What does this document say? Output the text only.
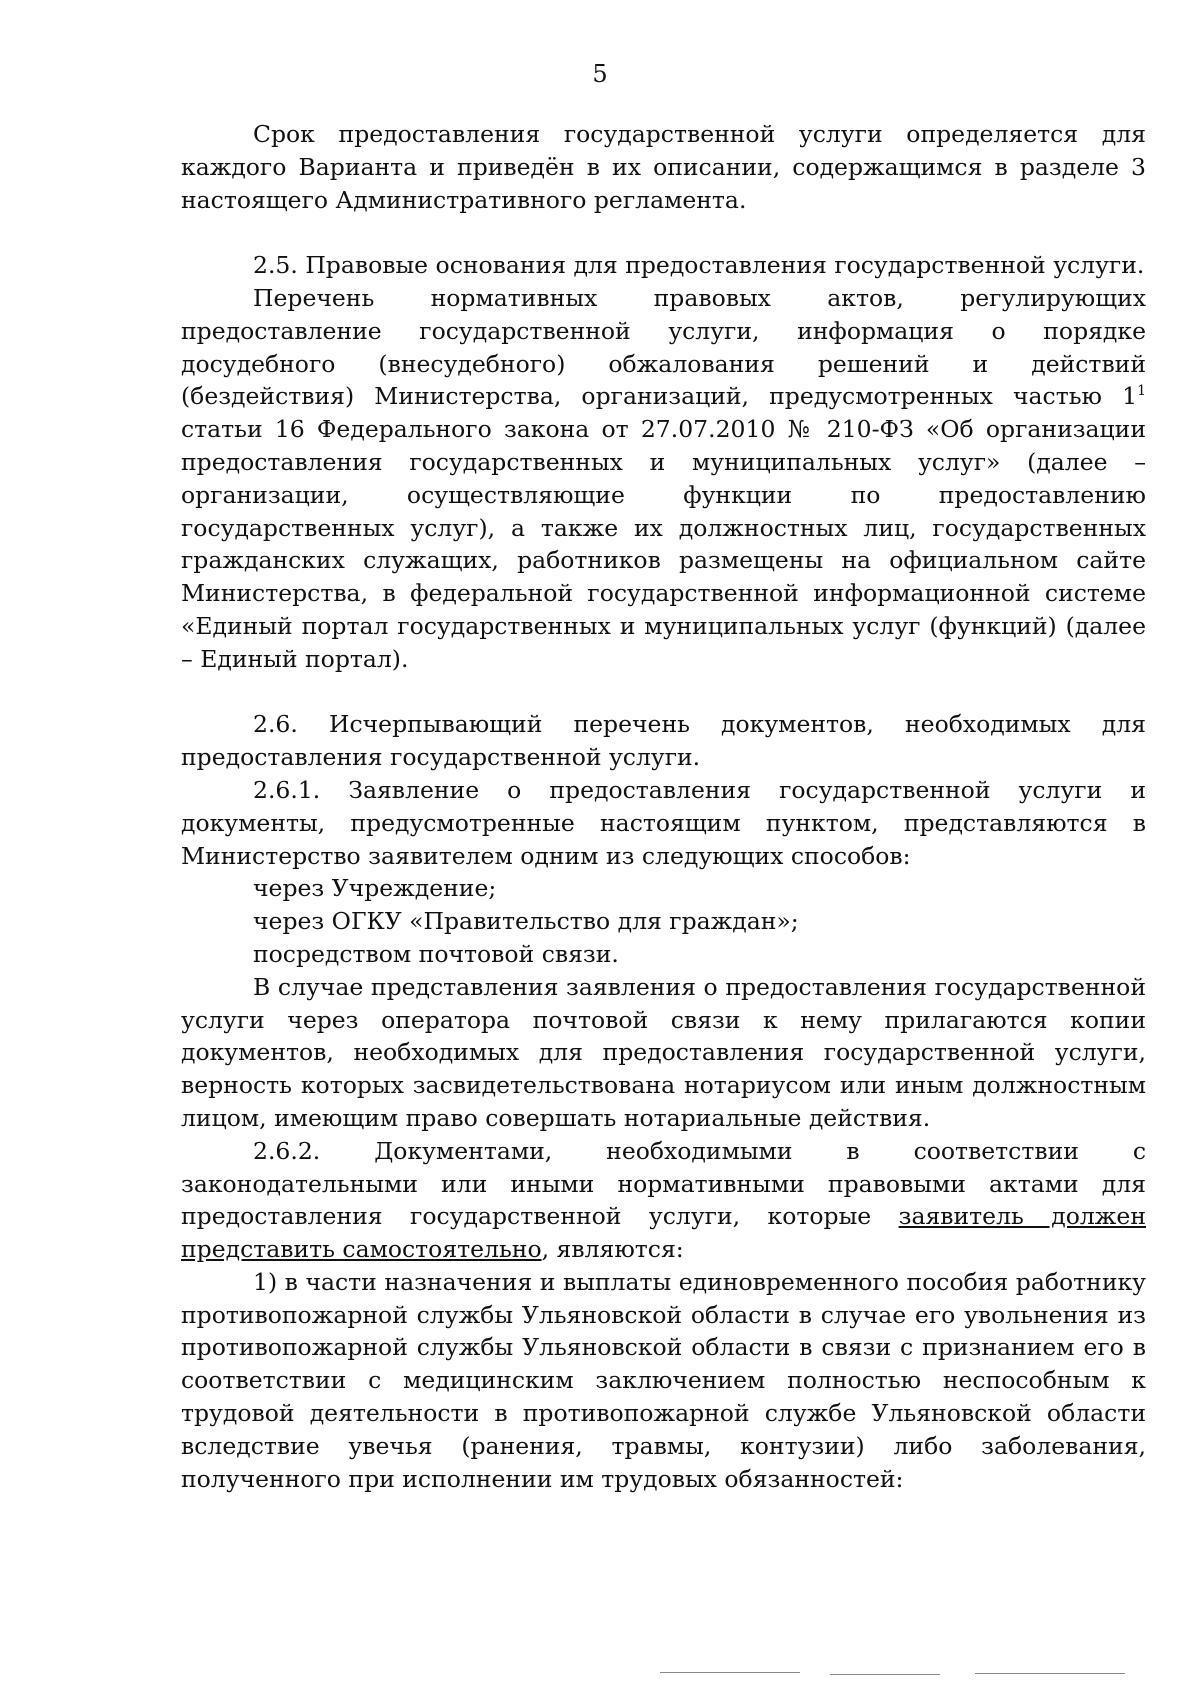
5

Срок предоставления государственной услуги определяется для каждого Варианта и приведён в их описании, содержащимся в разделе 3 настоящего Административного регламента.

2.5. Правовые основания для предоставления государственной услуги.

Перечень нормативных правовых актов, регулирующих предоставление государственной услуги, информация о порядке досудебного (внесудебного) обжалования решений и действий (бездействия) Министерства, организаций, предусмотренных частью $1^1$ статьи 16 Федерального закона от 27.07.2010 № 210-ФЗ «Об организации предоставления государственных и муниципальных услуг» (далее – организации, осуществляющие функции по предоставлению государственных услуг), а также их должностных лиц, государственных гражданских служащих, работников размещены на официальном сайте Министерства, в федеральной государственной информационной системе «Единый портал государственных и муниципальных услуг (функций) (далее – Единый портал).

2.6. Исчерпывающий перечень документов, необходимых для предоставления государственной услуги.

2.6.1. Заявление о предоставления государственной услуги и документы, предусмотренные настоящим пунктом, представляются в Министерство заявителем одним из следующих способов:

через Учреждение;

через ОГКУ «Правительство для граждан»;

посредством почтовой связи.

В случае представления заявления о предоставления государственной услуги через оператора почтовой связи к нему прилагаются копии документов, необходимых для предоставления государственной услуги, верность которых засвидетельствована нотариусом или иным должностным лицом, имеющим право совершать нотариальные действия.

2.6.2. Документами, необходимыми в соответствии с законодательными или иными нормативными правовыми актами для предоставления государственной услуги, которые заявитель должен представить самостоятельно, являются:

1) в части назначения и выплаты единовременного пособия работнику противопожарной службы Ульяновской области в случае его увольнения из противопожарной службы Ульяновской области в связи с признанием его в соответствии с медицинским заключением полностью неспособным к трудовой деятельности в противопожарной службе Ульяновской области вследствие увечья (ранения, травмы, контузии) либо заболевания, полученного при исполнении им трудовых обязанностей:
